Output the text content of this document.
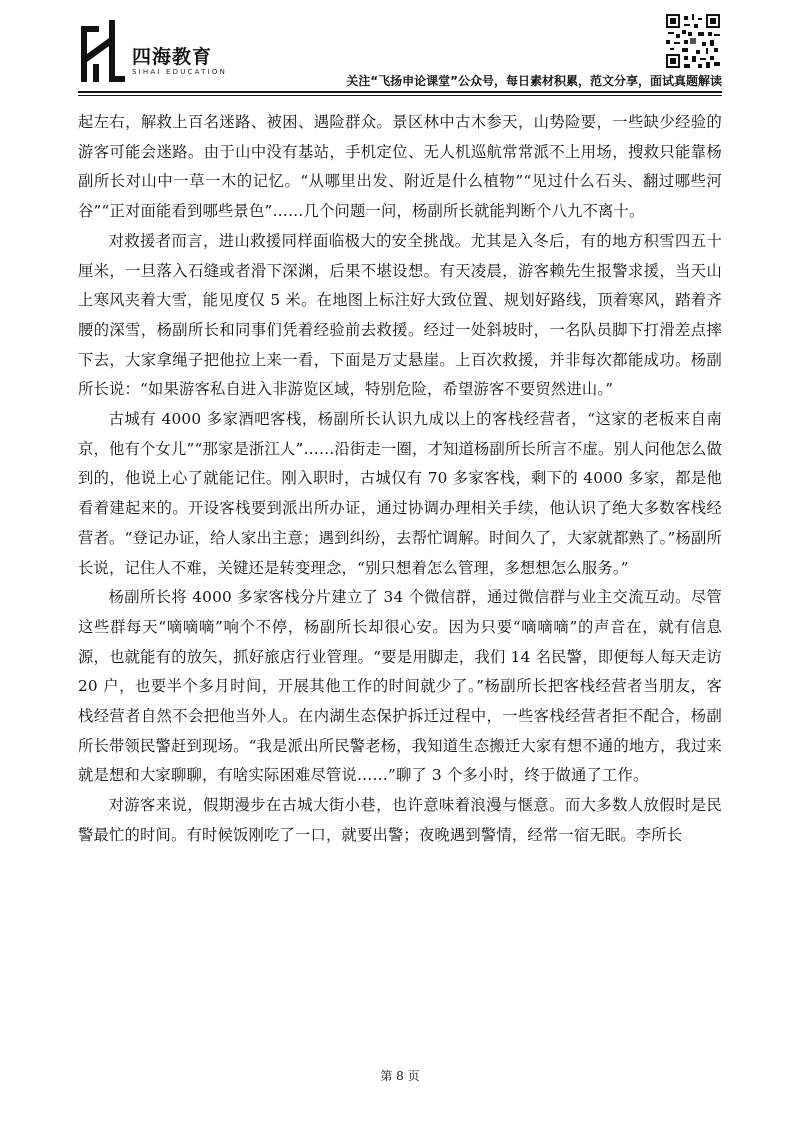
四海教育
SIHAI EDUCATION
关注“飞扬申论课堂”公众号，每日素材积累，范文分享，面试真题解读

起左右，解救上百名迷路、被困、遇险群众。景区林中古木参天，山势险要，一些缺少经验的游客可能会迷路。由于山中没有基站，手机定位、无人机巡航常常派不上用场，搜救只能靠杨副所长对山中一草一木的记忆。“从哪里出发、附近是什么植物”“见过什么石头、翻过哪些河谷”“正对面能看到哪些景色”……几个问题一问，杨副所长就能判断个八九不离十。

对救援者而言，进山救援同样面临极大的安全挑战。尤其是入冬后，有的地方积雪四五十厘米，一旦落入石缝或者滑下深渊，后果不堪设想。有天凌晨，游客赖先生报警求援，当天山上寒风夹着大雪，能见度仅 5 米。在地图上标注好大致位置、规划好路线，顶着寒风，踏着齐腰的深雪，杨副所长和同事们凭着经验前去救援。经过一处斜坡时，一名队员脚下打滑差点摔下去，大家拿绳子把他拉上来一看，下面是万丈悬崖。上百次救援，并非每次都能成功。杨副所长说：“如果游客私自进入非游览区域，特别危险，希望游客不要贸然进山。”

古城有 4000 多家酒吧客栈，杨副所长认识九成以上的客栈经营者，“这家的老板来自南京，他有个女儿”“那家是浙江人”……沿街走一圈，才知道杨副所长所言不虚。别人问他怎么做到的，他说上心了就能记住。刚入职时，古城仅有 70 多家客栈，剩下的 4000 多家，都是他看着建起来的。开设客栈要到派出所办证，通过协调办理相关手续，他认识了绝大多数客栈经营者。“登记办证，给人家出主意；遇到纠纷，去帮忙调解。时间久了，大家就都熟了。”杨副所长说，记住人不难，关键还是转变理念，“别只想着怎么管理，多想想怎么服务。”

杨副所长将 4000 多家客栈分片建立了 34 个微信群，通过微信群与业主交流互动。尽管这些群每天“嘀嘀嘀”响个不停，杨副所长却很心安。因为只要“嘀嘀嘀”的声音在，就有信息源，也就能有的放矢，抓好旅店行业管理。“要是用脚走，我们 14 名民警，即便每人每天走访 20 户，也要半个多月时间，开展其他工作的时间就少了。”杨副所长把客栈经营者当朋友，客栈经营者自然不会把他当外人。在内湖生态保护拆迁过程中，一些客栈经营者拒不配合，杨副所长带领民警赶到现场。“我是派出所民警老杨，我知道生态搬迁大家有想不通的地方，我过来就是想和大家聊聊，有啥实际困难尽管说……”聊了 3 个多小时，终于做通了工作。

对游客来说，假期漫步在古城大街小巷，也许意味着浪漫与惬意。而大多数人放假时是民警最忙的时间。有时候饭刚吃了一口，就要出警；夜晚遇到警情，经常一宿无眠。李所长

第 8 页
